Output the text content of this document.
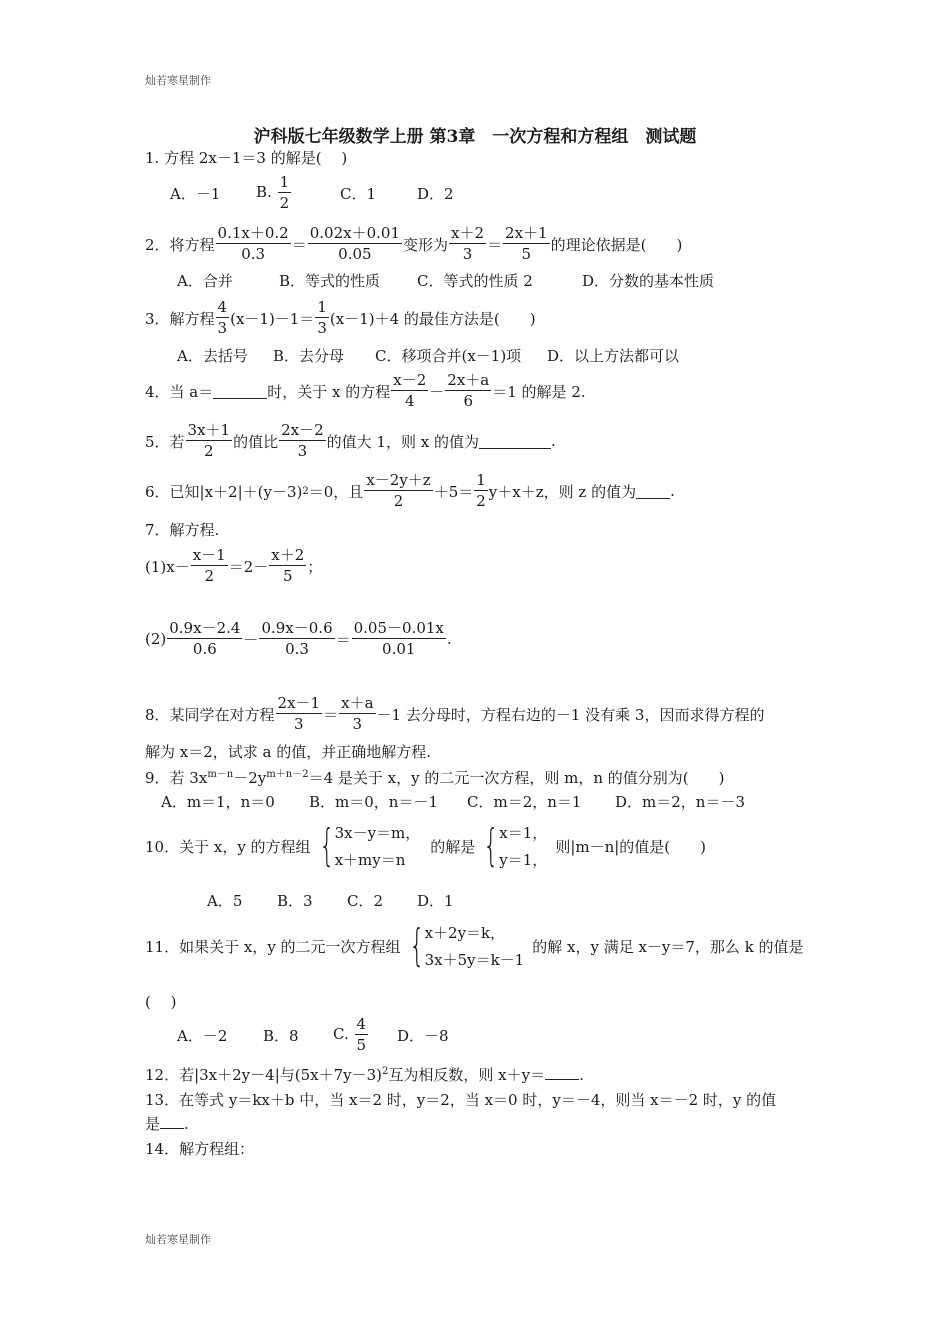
灿若寒星制作
沪科版七年级数学上册 第3章　一次方程和方程组　测试题
1. 方程 2x－1＝3 的解是(　 )
A．－1	B. $\frac{1}{2}$	C．1	D．2
2．将方程 $\frac{0.1x+0.2}{0.3} = \frac{0.02x+0.01}{0.05}$ 变形为 $\frac{x+2}{3} = \frac{2x+1}{5}$ 的理论依据是(　　)
A．合并	B．等式的性质	C．等式的性质 2	D．分数的基本性质
3．解方程 $\frac{4}{3} (x-1)-1= \frac{1}{3} (x-1)+4$ 的最佳方法是(　　)
A．去括号	B．去分母	C．移项合并(x－1)项	D．以上方法都可以
4．当 a＝	时，关于 x 的方程 $\frac{x-2}{4} - \frac{2x+a}{6} =1$ 的解是 2.
5．若 $\frac{3x+1}{2}$ 的值比 $\frac{2x-2}{3}$ 的值大 1，则 x 的值为	.
6．已知|x＋2|＋(y－3) 2 ＝0，且 $\frac{x-2y+z}{2} +5= \frac{1}{2} y+x+z$，则 z 的值为 .
7．解方程.
$(1)x- \frac{x-1}{2} =2- \frac{x+2}{5}$ ；
$(2) \frac{0.9x-2.4}{0.6} - \frac{0.9x-0.6}{0.3} = \frac{0.05-0.01x}{0.01}$ .
8．某同学在对方程 $\frac{2x-1}{3} = \frac{x+a}{3} -1$ 去分母时，方程右边的－1 没有乘 3，因而求得方程的
解为 x＝2，试求 a 的值，并正确地解方程.
9．若 $3x^{m-n}-2y^{m+n-2}=4$ 是关于 x，y 的二元一次方程，则 m，n 的值分别为(　　)
A．m＝1，n＝0	B．m＝0，n＝－1	C．m＝2，n＝1	D．m＝2，n＝－3
10．关于 x，y 的方程组 { 3x－y＝m，
x＋my＝n
的解是 { x＝1，
y＝1，
则|m－n|的值是(　　)
A．5	B．3	C．2	D．1
11．如果关于 x，y 的二元一次方程组 { x＋2y＝k，
3x＋5y＝k－1
的解 x，y 满足 x－y＝7，那么 k 的值是
(　 )
A．－2	B．8	C. $\frac{4}{5}$ D．－8
12．若|3x＋2y－4|与$(5x+7y-3)^2$互为相反数，则 x＋y＝ .
13．在等式 y＝kx＋b 中，当 x＝2 时，y＝2，当 x＝0 时，y＝－4，则当 x＝－2 时，y 的值
是 .
14．解方程组：
灿若寒星制作
